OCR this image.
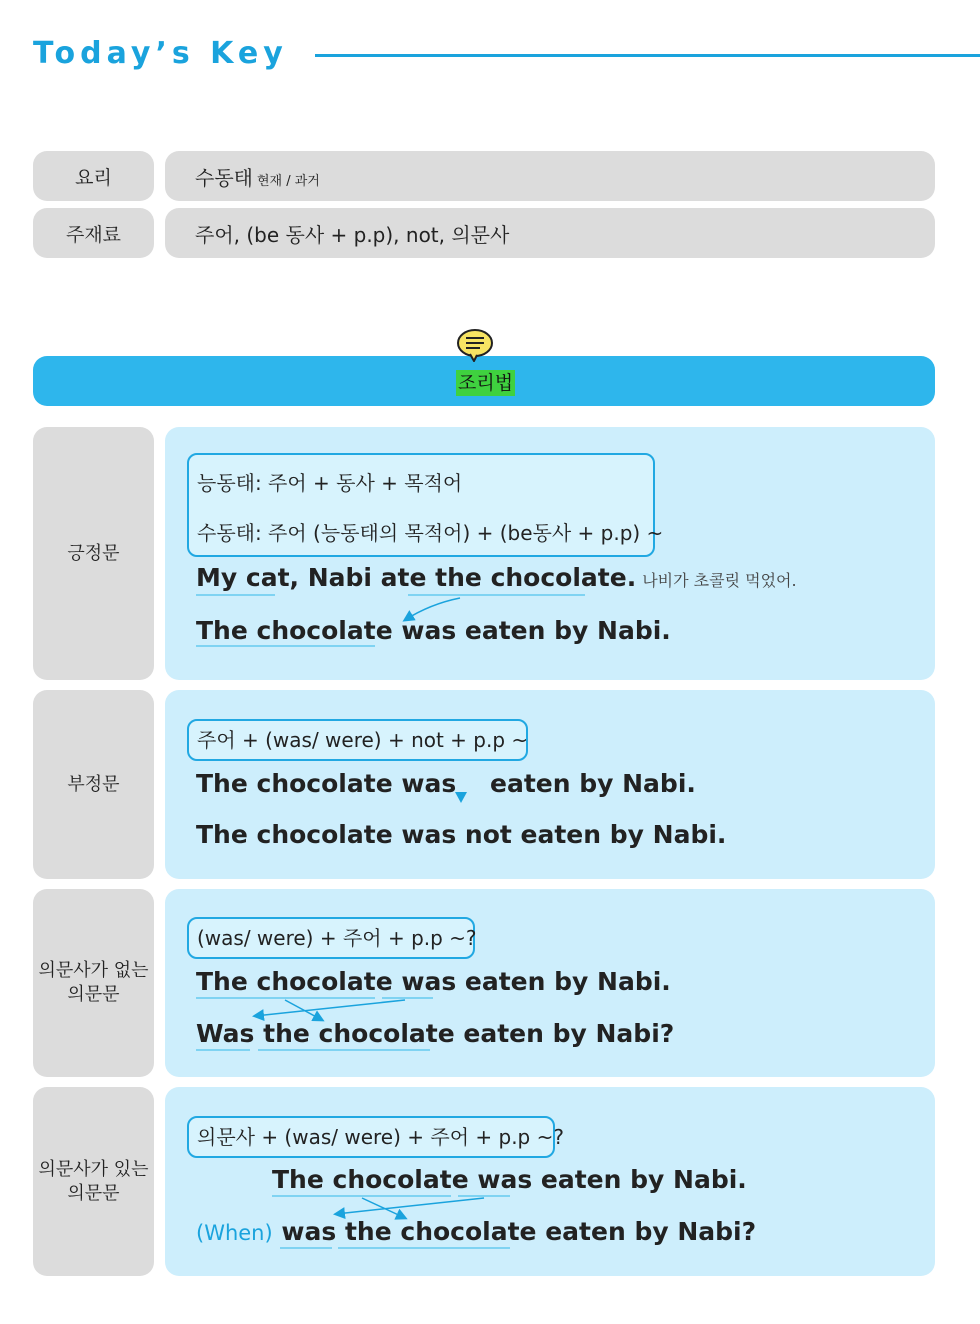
Today’s Key
요리	수동태 현재 / 과거
주재료	주어, (be 동사 + p.p), not, 의문사
조리법
긍정문
능동태: 주어 + 동사 + 목적어
수동태: 주어 (능동태의 목적어) + (be동사 + p.p) ~
My cat, Nabi ate the chocolate. 나비가 초콜릿 먹었어.
The chocolate was eaten by Nabi.
부정문
주어 + (was/ were) + not + p.p ~
The chocolate was eaten by Nabi.
The chocolate was not eaten by Nabi.
의문사가 없는
의문문
(was/ were) + 주어 + p.p ~?
The chocolate was eaten by Nabi.
Was the chocolate eaten by Nabi?
의문사가 있는
의문문
의문사 + (was/ were) + 주어 + p.p ~?
The chocolate was eaten by Nabi.
(When) was the chocolate eaten by Nabi?
